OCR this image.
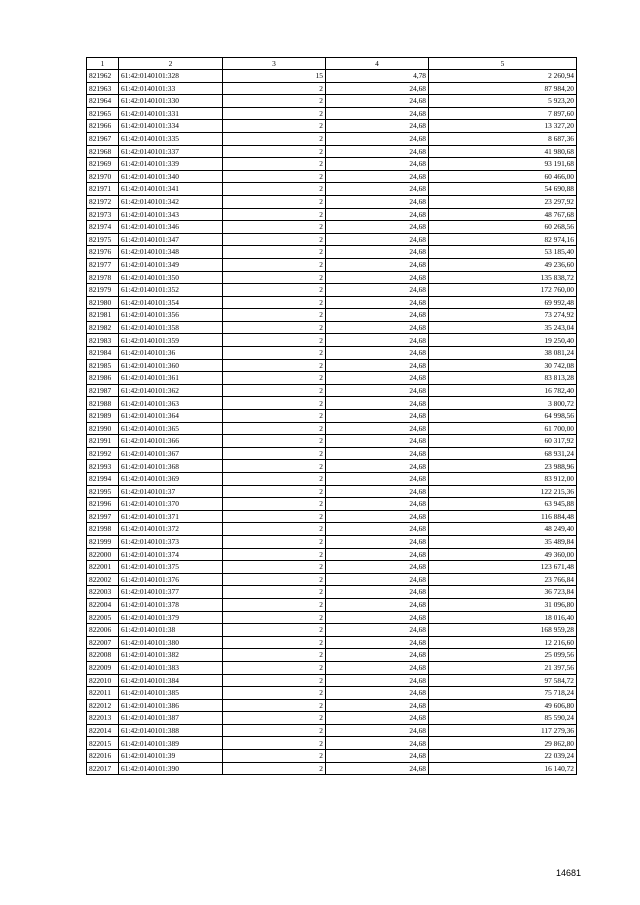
1	2	3	4	5
821962	61:42:0140101:328	15	4,78	2 260,94
821963	61:42:0140101:33	2	24,68	87 984,20
821964	61:42:0140101:330	2	24,68	5 923,20
821965	61:42:0140101:331	2	24,68	7 897,60
821966	61:42:0140101:334	2	24,68	13 327,20
821967	61:42:0140101:335	2	24,68	8 687,36
821968	61:42:0140101:337	2	24,68	41 980,68
821969	61:42:0140101:339	2	24,68	93 191,68
821970	61:42:0140101:340	2	24,68	60 466,00
821971	61:42:0140101:341	2	24,68	54 690,88
821972	61:42:0140101:342	2	24,68	23 297,92
821973	61:42:0140101:343	2	24,68	48 767,68
821974	61:42:0140101:346	2	24,68	60 268,56
821975	61:42:0140101:347	2	24,68	82 974,16
821976	61:42:0140101:348	2	24,68	53 185,40
821977	61:42:0140101:349	2	24,68	49 236,60
821978	61:42:0140101:350	2	24,68	135 838,72
821979	61:42:0140101:352	2	24,68	172 760,00
821980	61:42:0140101:354	2	24,68	69 992,48
821981	61:42:0140101:356	2	24,68	73 274,92
821982	61:42:0140101:358	2	24,68	35 243,04
821983	61:42:0140101:359	2	24,68	19 250,40
821984	61:42:0140101:36	2	24,68	38 081,24
821985	61:42:0140101:360	2	24,68	30 742,08
821986	61:42:0140101:361	2	24,68	83 813,28
821987	61:42:0140101:362	2	24,68	16 782,40
821988	61:42:0140101:363	2	24,68	3 800,72
821989	61:42:0140101:364	2	24,68	64 998,56
821990	61:42:0140101:365	2	24,68	61 700,00
821991	61:42:0140101:366	2	24,68	60 317,92
821992	61:42:0140101:367	2	24,68	68 931,24
821993	61:42:0140101:368	2	24,68	23 988,96
821994	61:42:0140101:369	2	24,68	83 912,00
821995	61:42:0140101:37	2	24,68	122 215,36
821996	61:42:0140101:370	2	24,68	63 945,88
821997	61:42:0140101:371	2	24,68	116 884,48
821998	61:42:0140101:372	2	24,68	48 249,40
821999	61:42:0140101:373	2	24,68	35 489,84
822000	61:42:0140101:374	2	24,68	49 360,00
822001	61:42:0140101:375	2	24,68	123 671,48
822002	61:42:0140101:376	2	24,68	23 766,84
822003	61:42:0140101:377	2	24,68	36 723,84
822004	61:42:0140101:378	2	24,68	31 096,80
822005	61:42:0140101:379	2	24,68	18 016,40
822006	61:42:0140101:38	2	24,68	168 959,28
822007	61:42:0140101:380	2	24,68	12 216,60
822008	61:42:0140101:382	2	24,68	25 099,56
822009	61:42:0140101:383	2	24,68	21 397,56
822010	61:42:0140101:384	2	24,68	97 584,72
822011	61:42:0140101:385	2	24,68	75 718,24
822012	61:42:0140101:386	2	24,68	49 606,80
822013	61:42:0140101:387	2	24,68	85 590,24
822014	61:42:0140101:388	2	24,68	117 279,36
822015	61:42:0140101:389	2	24,68	29 862,80
822016	61:42:0140101:39	2	24,68	22 039,24
822017	61:42:0140101:390	2	24,68	16 140,72
14681
